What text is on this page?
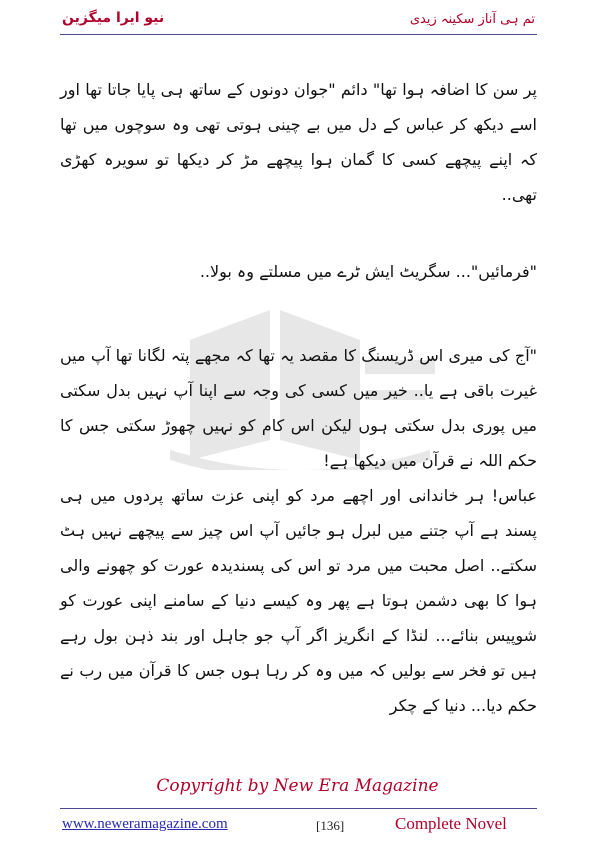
تم ہی آناز سکینہ زیدی
نیو ایرا میگزین

پر سن کا اضافہ ہوا تھا" دائم "جوان دونوں کے ساتھ ہی پایا جاتا تھا اور اسے دیکھ کر عباس کے دل میں بے چینی ہوتی تھی وہ سوچوں میں تھا کہ اپنے پیچھے کسی کا گمان ہوا پیچھے مڑ کر دیکھا تو سویرہ کھڑی تھی..

"فرمائیں"... سگریٹ ایش ٹرے میں مسلتے وہ بولا..

"آج کی میری اس ڈریسنگ کا مقصد یہ تھا کہ مجھے پتہ لگانا تھا آپ میں غیرت باقی ہے یا.. خیر میں کسی کی وجہ سے اپنا آپ نہیں بدل سکتی میں پوری بدل سکتی ہوں لیکن اس کام کو نہیں چھوڑ سکتی جس کا حکم اللہ نے قرآن میں دیکھا ہے!

عباس! ہر خاندانی اور اچھے مرد کو اپنی عزت ساتھ پردوں میں ہی پسند ہے آپ جتنے میں لبرل ہو جائیں آپ اس چیز سے پیچھے نہیں ہٹ سکتے.. اصل محبت میں مرد تو اس کی پسندیدہ عورت کو چھونے والی ہوا کا بھی دشمن ہوتا ہے پھر وہ کیسے دنیا کے سامنے اپنی عورت کو شوپیس بنائے... لنڈا کے انگریز اگر آپ جو جاہل اور بند ذہن بول رہے ہیں تو فخر سے بولیں کہ میں وہ کر رہا ہوں جس کا قرآن میں رب نے حکم دیا... دنیا کے چکر

Copyright by New Era Magazine
www.neweramagazine.com	[136]	Complete Novel
